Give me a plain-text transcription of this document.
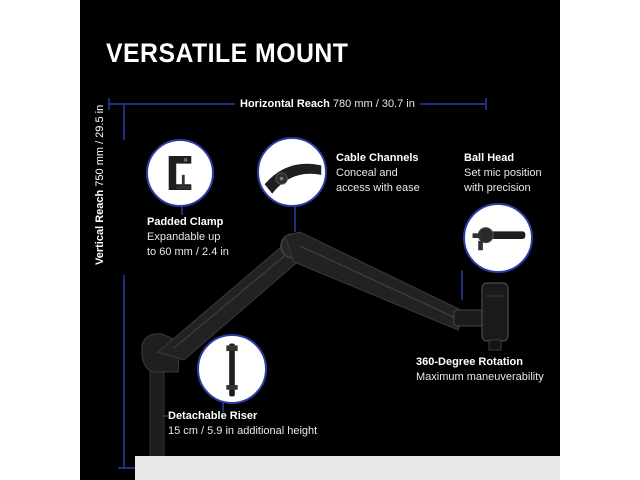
VERSATILE MOUNT
Horizontal Reach 780 mm / 30.7 in
Vertical Reach 750 mm / 29.5 in	Cable Channels
Conceal and
access with ease
Ball Head
Set mic position
with precision
Padded Clamp
Expandable up
to 60 mm / 2.4 in
360-Degree Rotation
Maximum maneuverability
Detachable Riser
15 cm / 5.9 in additional height
